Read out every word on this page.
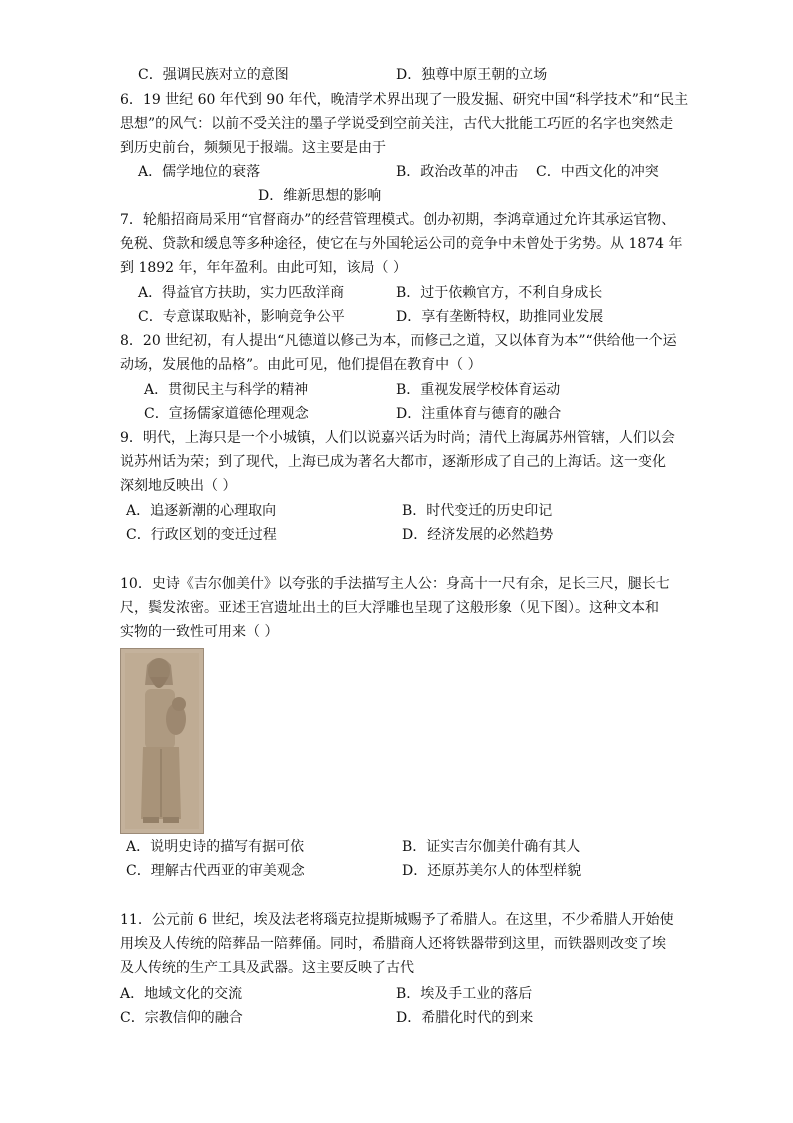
C．强调民族对立的意图	D．独尊中原王朝的立场
6．19 世纪 60 年代到 90 年代，晚清学术界出现了一股发掘、研究中国“科学技术”和“民主
思想”的风气：以前不受关注的墨子学说受到空前关注，古代大批能工巧匠的名字也突然走
到历史前台，频频见于报端。这主要是由于
A．儒学地位的衰落	B．政治改革的冲击 C．中西文化的冲突
D．维新思想的影响
7．轮船招商局采用“官督商办”的经营管理模式。创办初期，李鸿章通过允许其承运官物、
免税、贷款和缓息等多种途径，使它在与外国轮运公司的竞争中未曾处于劣势。从 1874 年
到 1892 年，年年盈利。由此可知，该局（ ）
A．得益官方扶助，实力匹敌洋商	B．过于依赖官方，不利自身成长
C．专意谋取贴补，影响竞争公平	D．享有垄断特权，助推同业发展
8．20 世纪初，有人提出“凡德道以修己为本，而修己之道，又以体育为本”“供给他一个运
动场，发展他的品格”。由此可见，他们提倡在教育中（ ）
A．贯彻民主与科学的精神	B．重视发展学校体育运动
C．宣扬儒家道德伦理观念	D．注重体育与德育的融合
9．明代，上海只是一个小城镇，人们以说嘉兴话为时尚；清代上海属苏州管辖，人们以会
说苏州话为荣；到了现代，上海已成为著名大都市，逐渐形成了自己的上海话。这一变化
深刻地反映出（ ）
A．追逐新潮的心理取向	B．时代变迁的历史印记
C．行政区划的变迁过程	D．经济发展的必然趋势
10．史诗《吉尔伽美什》以夸张的手法描写主人公：身高十一尺有余，足长三尺，腿长七
尺，鬓发浓密。亚述王宫遗址出土的巨大浮雕也呈现了这般形象（见下图）。这种文本和
实物的一致性可用来（ ）
A．说明史诗的描写有据可依	B．证实吉尔伽美什确有其人
C．理解古代西亚的审美观念	D．还原苏美尔人的体型样貌
11．公元前 6 世纪，埃及法老将瑙克拉提斯城赐予了希腊人。在这里，不少希腊人开始使
用埃及人传统的陪葬品一陪葬俑。同时，希腊商人还将铁器带到这里，而铁器则改变了埃
及人传统的生产工具及武器。这主要反映了古代
A．地域文化的交流	B．埃及手工业的落后
C．宗教信仰的融合	D．希腊化时代的到来
